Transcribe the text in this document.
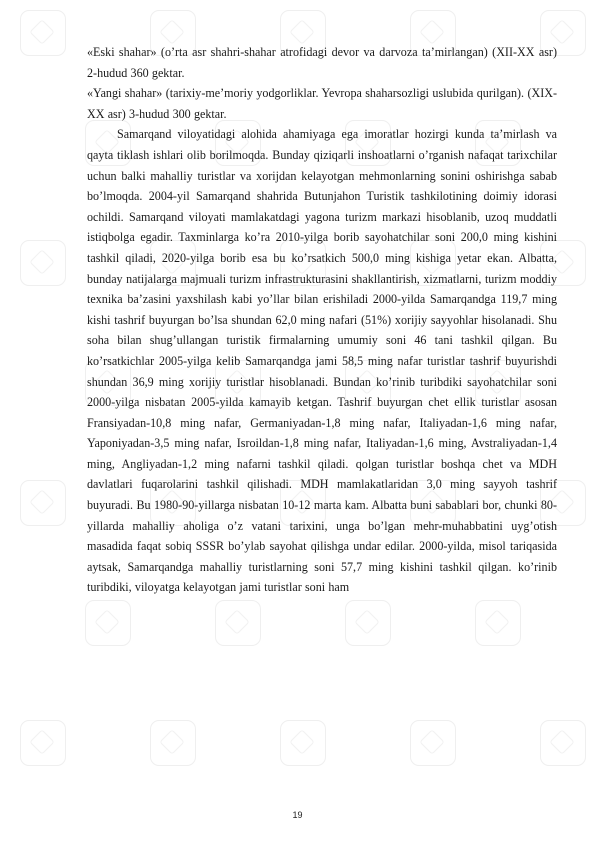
«Eski shahar» (o’rta asr shahri-shahar atrofidagi devor va darvoza ta’mirlangan) (XII-XX asr) 2-hudud 360 gektar.

«Yangi shahar» (tarixiy-me’moriy yodgorliklar. Yevropa shaharsozligi uslubida qurilgan). (XIX-XX asr) 3-hudud 300 gektar.

Samarqand viloyatidagi alohida ahamiyaga ega imoratlar hozirgi kunda ta’mirlash va qayta tiklash ishlari olib borilmoqda. Bunday qiziqarli inshoatlarni o’rganish nafaqat tarixchilar uchun balki mahalliy turistlar va xorijdan kelayotgan mehmonlarning sonini oshirishga sabab bo’lmoqda. 2004-yil Samarqand shahrida Butunjahon Turistik tashkilotining doimiy idorasi ochildi. Samarqand viloyati mamlakatdagi yagona turizm markazi hisoblanib, uzoq muddatli istiqbolga egadir. Taxminlarga ko’ra 2010-yilga borib sayohatchilar soni 200,0 ming kishini tashkil qiladi, 2020-yilga borib esa bu ko’rsatkich 500,0 ming kishiga yetar ekan. Albatta, bunday natijalarga majmuali turizm infrastrukturasini shakllantirish, xizmatlarni, turizm moddiy texnika ba’zasini yaxshilash kabi yo’llar bilan erishiladi 2000-yilda Samarqandga 119,7 ming kishi tashrif buyurgan bo’lsa shundan 62,0 ming nafari (51%) xorijiy sayyohlar hisolanadi. Shu soha bilan shug’ullangan turistik firmalarning umumiy soni 46 tani tashkil qilgan. Bu ko’rsatkichlar 2005-yilga kelib Samarqandga jami 58,5 ming nafar turistlar tashrif buyurishdi shundan 36,9 ming xorijiy turistlar hisoblanadi. Bundan ko’rinib turibdiki sayohatchilar soni 2000-yilga nisbatan 2005-yilda kamayib ketgan. Tashrif buyurgan chet ellik turistlar asosan Fransiyadan-10,8 ming nafar, Germaniyadan-1,8 ming nafar, Italiyadan-1,6 ming nafar, Yaponiyadan-3,5 ming nafar, Isroildan-1,8 ming nafar, Italiyadan-1,6 ming, Avstraliyadan-1,4 ming, Angliyadan-1,2 ming nafarni tashkil qiladi. qolgan turistlar boshqa chet va MDH davlatlari fuqarolarini tashkil qilishadi. MDH mamlakatlaridan 3,0 ming sayyoh tashrif buyuradi. Bu 1980-90-yillarga nisbatan 10-12 marta kam. Albatta buni sabablari bor, chunki 80-yillarda mahalliy aholiga o’z vatani tarixini, unga bo’lgan mehr-muhabbatini uyg’otish masadida faqat sobiq SSSR bo’ylab sayohat qilishga undar edilar. 2000-yilda, misol tariqasida aytsak, Samarqandga mahalliy turistlarning soni 57,7 ming kishini tashkil qilgan. ko’rinib turibdiki, viloyatga kelayotgan jami turistlar soni ham

19
